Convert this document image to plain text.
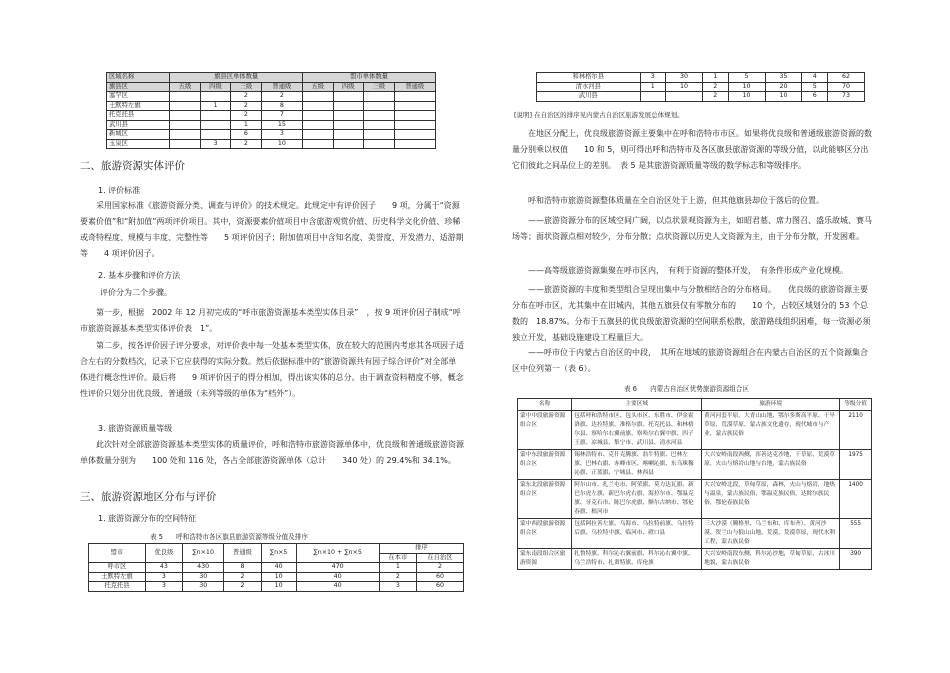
区域名称	旗县区单体数量				盟市单体数量			
旗县区	五级	四级	三级	普通级	五级	四级	三级	普通级
塞罕区			2	2				
土默特左旗		1	2	8				
托克托县			2	7				
武川县			1	15				
新城区			6	3				
玉泉区		3	2	10				
二、旅游资源实体评价
1. 评价标准

采用国家标准《旅游资源分类、调查与评价》的技术规定。此规定中有评价因子　　9 项，分属于“资源要素价值”和“附加值”两项评价项目。其中，资源要素价值项目中含旅游观赏价值、历史科学文化价值、珍稀或奇特程度、规模与丰度、完整性等　　5 项评价因子；附加值项目中含知名度、美誉度、开发潜力、适游期等　　4 项评价因子。

2. 基本步骤和评价方法

评价分为二个步骤。

第一步，根据　2002 年 12 月初完成的“呼市旅游资源基本类型实体目录”　，按 9 项评价因子制成“呼市旅游资源基本类型实体评价表　1”。

第二步，按各评价因子评分要求，对评价表中每一处基本类型实体，放在较大的范围内考虑其各项因子适合左右的分数档次，记录下它应获得的实际分数。然后依据标准中的“旅游资源共有因子综合评价”对全部单体进行概念性评价。最后将　　9 项评价因子的得分相加，得出该实体的总分。由于调查资料精度不够，概念性评价只划分出优良级、普通级（未列等级的单体为“档外”）。

3. 旅游资源质量等级

此次针对全部旅游资源基本类型实体的质量评价，呼和浩特市旅游资源单体中，优良级和普通级旅游资源单体数量分别为　　100 处和 116 处，各占全部旅游资源单体（总计　　340 处）的 29.4%和 34.1%。

三、旅游资源地区分布与评价
1. 旅游资源分布的空间特征
表 5　　呼和浩特市各区旗县旅游资源等级分值及排序
盟市	优良级	∑n×10	普通级	∑n×5	∑n×10 + ∑n×5	排序	
						在本市	在自治区
呼市区	43	430	8	40	470	1	2
土默特左旗	3	30	2	10	40	2	60
托克托县	3	30	2	10	40	3	60
和林格尔县	3	30	1	5	35	4	62
清水河县	1	10	2	10	20	5	70
武川县			2	10	10	6	73
[说明] 在自治区的排序见内蒙古自治区旅游发展总体规划。

在地区分配上，优良级旅游资源主要集中在呼和浩特市市区。如果将优良级和普通级旅游资源的数量分别乘以权值　　10 和 5，则可得出呼和浩特市及各区旗县旅游资源的等级分值，以此能够区分出它们彼此之间品位上的差别。　表 5 是其旅游资源质量等级的数学标志和等级排序。

呼和浩特市旅游资源整体质量在全自治区处于上游，但其他旗县却位于落后的位置。

——旅游资源分布的区域空间广阔，以点状景观资源为主，如昭君墓、席力图召、盛乐故城、赛马场等；面状资源点相对较少，分布分散；点状资源以历史人文资源为主，由于分布分散，开发困难。

——高等级旅游资源集聚在呼市区内，　有利于资源的整体开发，　有条件形成产业化规模。

——旅游资源的丰度和类型组合呈现出集中与分散相结合的分布格局。　　优良级的旅游资源主要分布在呼市区，尤其集中在旧城内，其他五旗县仅有零散分布的　　10 个，占较区域划分的 53 个总数的　18.87%。分布于五旗县的优良级旅游资源的空间联系松散，旅游路线组织困难，每一资源必须独立开发，基础设施建设工程量巨大。

——呼市位于内蒙古自治区的中段，　其所在地域的旅游资源组合在内蒙古自治区的五个资源集合区中位列第一（表 6）。

表 6　　内蒙古自治区优势旅游资源组合区
名称	主要区域	旅游环境	等级分值
蒙中中段旅游资源组合区	包括呼和浩特市区、包头市区、东胜市、伊金霍洛旗、达拉特旗、准格尔旗、托克托县、和林格尔县、察哈尔右翼前旗、察哈尔右翼中旗、四子王旗、凉城县、集宁市、武川县、清水河县	黄河河套平原，大青山山地、鄂尔多斯高平原、干旱草原、荒漠草原。蒙古族文化遗存，现代城市与产业，蒙古族民俗	2110
蒙中东段旅游资源组合区	锡林浩特市、克什克腾旗、翁牛特旗、巴林左旗、巴林右旗、赤峰市区、喀喇沁旗、东乌珠穆沁旗、正蓝旗、宁城县、林西县	大兴安岭南段西侧，浑善达克沙地，干草原、荒漠草原，火山与熔岩山地与台地，蒙古族民俗	1975
蒙东北段旅游资源组合区	阿尔山市、扎兰屯市、阿荣旗、莫力达瓦旗、新巴尔虎左旗、新巴尔虎右旗、海拉尔市、鄂温克旗、牙克石市、陈巴尔虎旗、额尔古纳市、鄂伦春旗、根河市	大兴安岭北段，草甸草原，森林，火山与熔岩，地热与温泉，蒙古族民俗，鄂温克族民俗，达斡尔族民俗，鄂伦春族民俗	1400
蒙中西段旅游资源组合区	包括阿拉善左旗、乌海市、乌拉特前旗、乌拉特后旗、乌拉特中旗、临河市、磴口县	三大沙漠（腾格里、乌兰布和、库布齐）、黄河沙漠、贺兰山与狼山山地、荒漠、荒漠草原，现代水利工程，蒙古族民俗	555
蒙东南段组合区旅游资源	扎鲁特旗、科尔沁右翼前旗、科尔沁右翼中旗、乌兰浩特市、扎赉特旗、库伦旗	大兴安岭南段东侧，科尔沁沙地，草甸草原，古冰川地貌，蒙古族民俗	390
